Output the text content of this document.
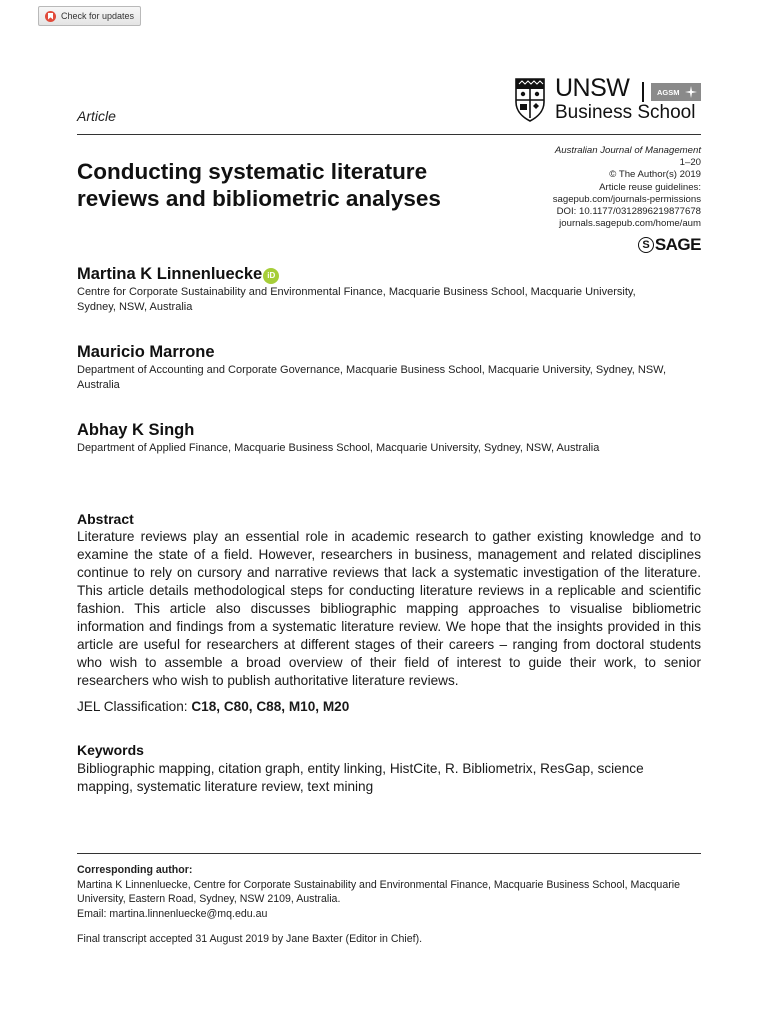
Check for updates
Article
UNSW	AGSM
Business School
Conducting systematic literature
reviews and bibliometric analyses
Australian Journal of Management
1–20
© The Author(s) 2019
Article reuse guidelines:
sagepub.com/journals-permissions
DOI: 10.1177/0312896219877678
journals.sagepub.com/home/aum
S SAGE
Martina K Linnenluecke iD
Centre for Corporate Sustainability and Environmental Finance, Macquarie Business School, Macquarie University, Sydney, NSW, Australia
Mauricio Marrone
Department of Accounting and Corporate Governance, Macquarie Business School, Macquarie University, Sydney, NSW, Australia
Abhay K Singh
Department of Applied Finance, Macquarie Business School, Macquarie University, Sydney, NSW, Australia
Abstract
Literature reviews play an essential role in academic research to gather existing knowledge and to examine the state of a field. However, researchers in business, management and related disciplines continue to rely on cursory and narrative reviews that lack a systematic investigation of the literature. This article details methodological steps for conducting literature reviews in a replicable and scientific fashion. This article also discusses bibliographic mapping approaches to visualise bibliometric information and findings from a systematic literature review. We hope that the insights provided in this article are useful for researchers at different stages of their careers – ranging from doctoral students who wish to assemble a broad overview of their field of interest to guide their work, to senior researchers who wish to publish authoritative literature reviews.
JEL Classification: C18, C80, C88, M10, M20
Keywords
Bibliographic mapping, citation graph, entity linking, HistCite, R. Bibliometrix, ResGap, science mapping, systematic literature review, text mining
Corresponding author:
Martina K Linnenluecke, Centre for Corporate Sustainability and Environmental Finance, Macquarie Business School, Macquarie University, Eastern Road, Sydney, NSW 2109, Australia.
Email: martina.linnenluecke@mq.edu.au
Final transcript accepted 31 August 2019 by Jane Baxter (Editor in Chief).
